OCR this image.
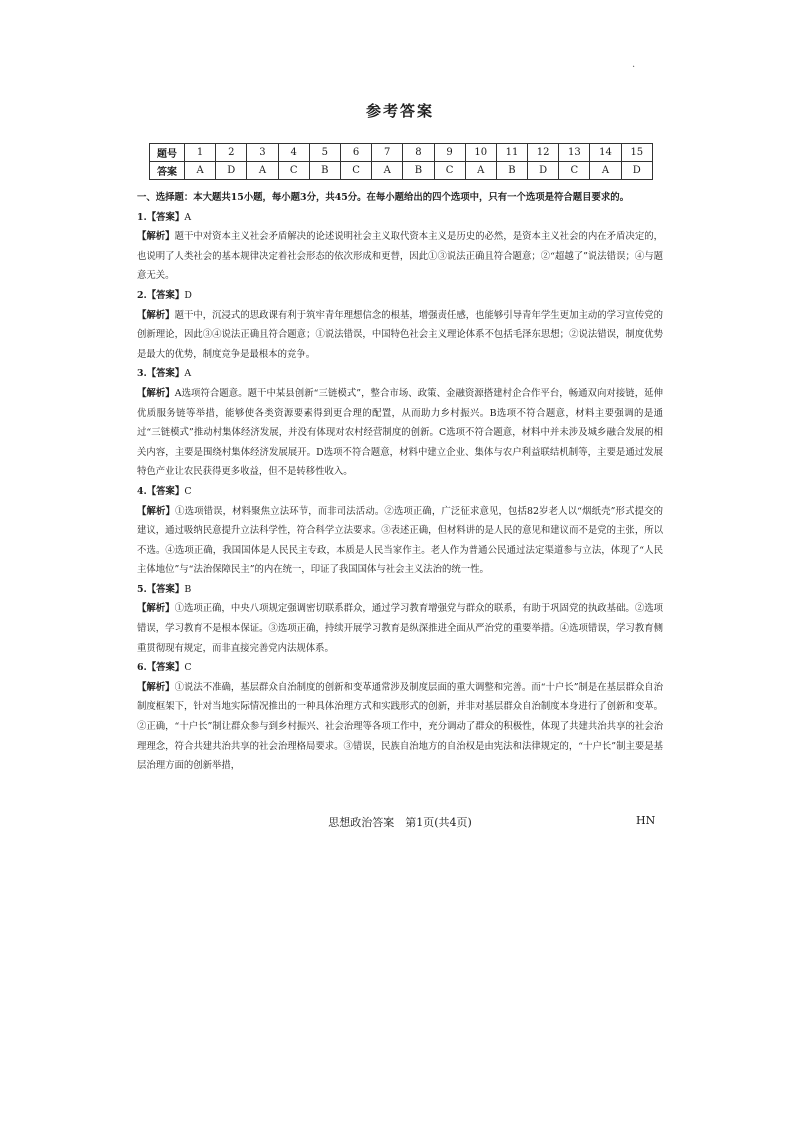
·
参考答案
题号	1	2	3	4	5	6	7	8	9	10	11	12	13	14	15
答案	A	D	A	C	B	C	A	B	C	A	B	D	C	A	D

一、选择题：本大题共15小题，每小题3分，共45分。在每小题给出的四个选项中，只有一个选项是符合题目要求的。

1.【答案】A

【解析】题干中对资本主义社会矛盾解决的论述说明社会主义取代资本主义是历史的必然，是资本主义社会的内在矛盾决定的，也说明了人类社会的基本规律决定着社会形态的依次形成和更替，因此①③说法正确且符合题意；②“超越了”说法错误；④与题意无关。

2.【答案】D

【解析】题干中，沉浸式的思政课有利于筑牢青年理想信念的根基，增强责任感，也能够引导青年学生更加主动的学习宣传党的创新理论，因此③④说法正确且符合题意；①说法错误，中国特色社会主义理论体系不包括毛泽东思想；②说法错误，制度优势是最大的优势，制度竞争是最根本的竞争。

3.【答案】A

【解析】A选项符合题意。题干中某县创新“三链模式”，整合市场、政策、金融资源搭建村企合作平台，畅通双向对接链，延伸优质服务链等举措，能够使各类资源要素得到更合理的配置，从而助力乡村振兴。B选项不符合题意，材料主要强调的是通过“三链模式”推动村集体经济发展，并没有体现对农村经营制度的创新。C选项不符合题意，材料中并未涉及城乡融合发展的相关内容，主要是围绕村集体经济发展展开。D选项不符合题意，材料中建立企业、集体与农户利益联结机制等，主要是通过发展特色产业让农民获得更多收益，但不是转移性收入。

4.【答案】C

【解析】①选项错误，材料聚焦立法环节，而非司法活动。②选项正确，广泛征求意见，包括82岁老人以“烟纸壳”形式提交的建议，通过吸纳民意提升立法科学性，符合科学立法要求。③表述正确，但材料讲的是人民的意见和建议而不是党的主张，所以不选。④选项正确，我国国体是人民民主专政，本质是人民当家作主。老人作为普通公民通过法定渠道参与立法，体现了“人民主体地位”与“法治保障民主”的内在统一，印证了我国国体与社会主义法治的统一性。

5.【答案】B

【解析】①选项正确，中央八项规定强调密切联系群众，通过学习教育增强党与群众的联系，有助于巩固党的执政基础。②选项错误，学习教育不是根本保证。③选项正确，持续开展学习教育是纵深推进全面从严治党的重要举措。④选项错误，学习教育侧重贯彻现有规定，而非直接完善党内法规体系。

6.【答案】C

【解析】①说法不准确，基层群众自治制度的创新和变革通常涉及制度层面的重大调整和完善。而“十户长”制是在基层群众自治制度框架下，针对当地实际情况推出的一种具体治理方式和实践形式的创新，并非对基层群众自治制度本身进行了创新和变革。②正确，“十户长”制让群众参与到乡村振兴、社会治理等各项工作中，充分调动了群众的积极性，体现了共建共治共享的社会治理理念，符合共建共治共享的社会治理格局要求。③错误，民族自治地方的自治权是由宪法和法律规定的，“十户长”制主要是基层治理方面的创新举措，

思想政治答案　第1页(共4页)	HN
